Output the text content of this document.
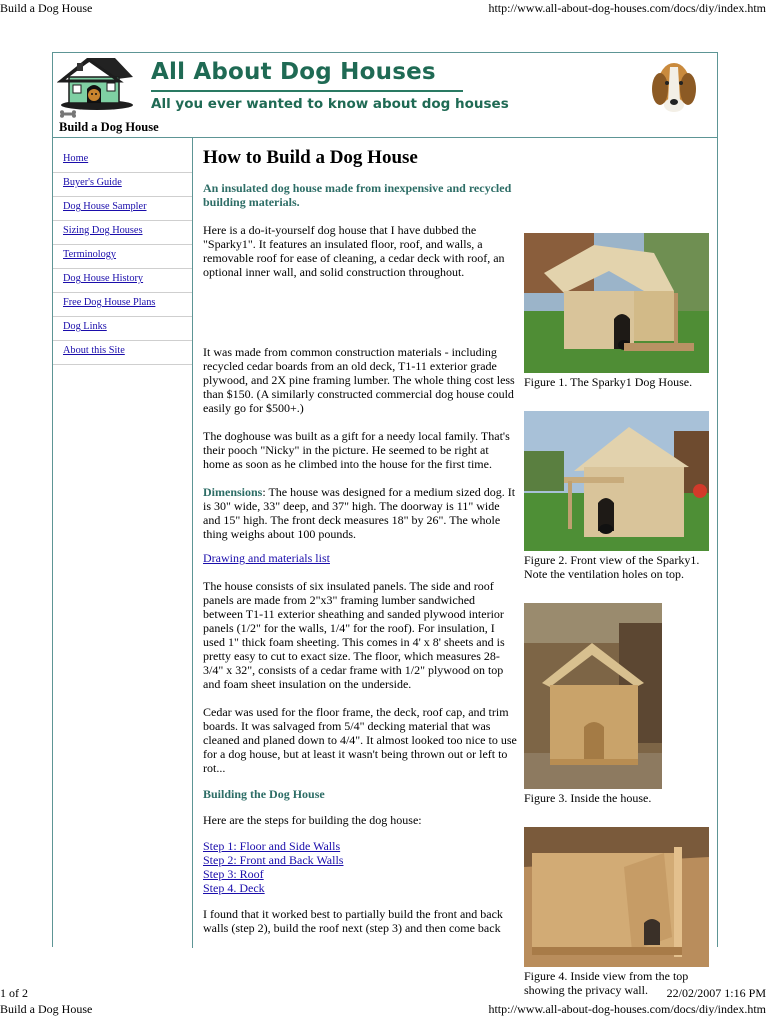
Build a Dog House	http://www.all-about-dog-houses.com/docs/diy/index.htm
All About Dog Houses
All you ever wanted to know about dog houses
Build a Dog House
Home
Buyer's Guide
Dog House Sampler
Sizing Dog Houses
Terminology
Dog House History
Free Dog House Plans
Dog Links
About this Site
How to Build a Dog House
An insulated dog house made from inexpensive and recycled building materials.
Here is a do-it-yourself dog house that I have dubbed the "Sparky1". It features an insulated floor, roof, and walls, a removable roof for ease of cleaning, a cedar deck with roof, an optional inner wall, and solid construction throughout.
It was made from common construction materials - including recycled cedar boards from an old deck, T1-11 exterior grade plywood, and 2X pine framing lumber. The whole thing cost less than $150. (A similarly constructed commercial dog house could easily go for $500+.)
The doghouse was built as a gift for a needy local family. That's their pooch "Nicky" in the picture. He seemed to be right at home as soon as he climbed into the house for the first time.
Dimensions: The house was designed for a medium sized dog. It is 30" wide, 33" deep, and 37" high. The doorway is 11" wide and 15" high. The front deck measures 18" by 26". The whole thing weighs about 100 pounds.
Drawing and materials list
The house consists of six insulated panels. The side and roof panels are made from 2"x3" framing lumber sandwiched between T1-11 exterior sheathing and sanded plywood interior panels (1/2" for the walls, 1/4" for the roof). For insulation, I used 1" thick foam sheeting. This comes in 4' x 8' sheets and is pretty easy to cut to exact size. The floor, which measures 28-3/4" x 32", consists of a cedar frame with 1/2" plywood on top and foam sheet insulation on the underside.
Cedar was used for the floor frame, the deck, roof cap, and trim boards. It was salvaged from 5/4" decking material that was cleaned and planed down to 4/4". It almost looked too nice to use for a dog house, but at least it wasn't being thrown out or left to rot...
Building the Dog House
Here are the steps for building the dog house:
Step 1: Floor and Side Walls
Step 2: Front and Back Walls
Step 3: Roof
Step 4. Deck
I found that it worked best to partially build the front and back walls (step 2), build the roof next (step 3) and then come back
Figure 1. The Sparky1 Dog House.
Figure 2. Front view of the Sparky1. Note the ventilation holes on top.
Figure 3. Inside the house.
Figure 4. Inside view from the top showing the privacy wall.
1 of 2	22/02/2007 1:16 PM
Build a Dog House	http://www.all-about-dog-houses.com/docs/diy/index.htm
